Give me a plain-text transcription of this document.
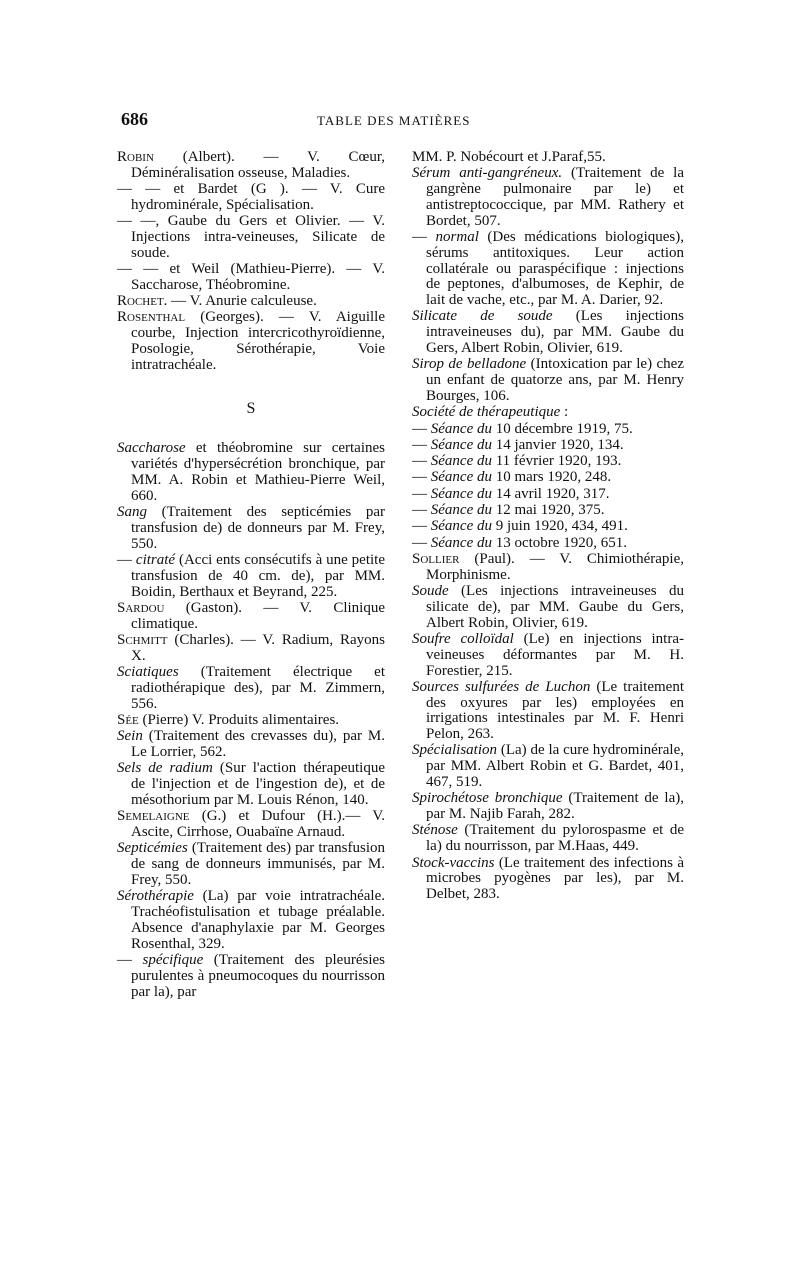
686	TABLE DES MATIÈRES

Robin (Albert). — V. Cœur, Déminéralisation osseuse, Maladies.

— — et Bardet (G ). — V. Cure hydrominérale, Spécialisation.

— —, Gaube du Gers et Olivier. — V. Injections intra-veineuses, Silicate de soude.

— — et Weil (Mathieu-Pierre). — V. Saccharose, Théobromine.

Rochet. — V. Anurie calculeuse.

Rosenthal (Georges). — V. Aiguille courbe, Injection intercricothyroïdienne, Posologie, Sérothérapie, Voie intratrachéale.

S

Saccharose et théobromine sur certaines variétés d'hypersécrétion bronchique, par MM. A. Robin et Mathieu-Pierre Weil, 660.

Sang (Traitement des septicémies par transfusion de) de donneurs par M. Frey, 550.

— citraté (Acci ents consécutifs à une petite transfusion de 40 cm. de), par MM. Boidin, Berthaux et Beyrand, 225.

Sardou (Gaston). — V. Clinique climatique.

Schmitt (Charles). — V. Radium, Rayons X.

Sciatiques (Traitement électrique et radiothérapique des), par M. Zimmern, 556.

Sée (Pierre) V. Produits alimentaires.

Sein (Traitement des crevasses du), par M. Le Lorrier, 562.

Sels de radium (Sur l'action thérapeutique de l'injection et de l'ingestion de), et de mésothorium par M. Louis Rénon, 140.

Semelaigne (G.) et Dufour (H.).— V. Ascite, Cirrhose, Ouabaïne Arnaud.

Septicémies (Traitement des) par transfusion de sang de donneurs immunisés, par M. Frey, 550.

Sérothérapie (La) par voie intratrachéale. Trachéofistulisation et tubage préalable. Absence d'anaphylaxie par M. Georges Rosenthal, 329.

— spécifique (Traitement des pleurésies purulentes à pneumocoques du nourrisson par la), par

MM. P. Nobécourt et J.Paraf,55.

Sérum anti-gangréneux. (Traitement de la gangrène pulmonaire par le) et antistreptococcique, par MM. Rathery et Bordet, 507.

— normal (Des médications biologiques), sérums antitoxiques. Leur action collatérale ou paraspécifique : injections de peptones, d'albumoses, de Kephir, de lait de vache, etc., par M. A. Darier, 92.

Silicate de soude (Les injections intraveineuses du), par MM. Gaube du Gers, Albert Robin, Olivier, 619.

Sirop de belladone (Intoxication par le) chez un enfant de quatorze ans, par M. Henry Bourges, 106.

Société de thérapeutique :

— Séance du 10 décembre 1919, 75.

— Séance du 14 janvier 1920, 134.

— Séance du 11 février 1920, 193.

— Séance du 10 mars 1920, 248.

— Séance du 14 avril 1920, 317.

— Séance du 12 mai 1920, 375.

— Séance du 9 juin 1920, 434, 491.

— Séance du 13 octobre 1920, 651.

Sollier (Paul). — V. Chimiothérapie, Morphinisme.

Soude (Les injections intraveineuses du silicate de), par MM. Gaube du Gers, Albert Robin, Olivier, 619.

Soufre colloïdal (Le) en injections intra-veineuses déformantes par M. H. Forestier, 215.

Sources sulfurées de Luchon (Le traitement des oxyures par les) employées en irrigations intestinales par M. F. Henri Pelon, 263.

Spécialisation (La) de la cure hydrominérale, par MM. Albert Robin et G. Bardet, 401, 467, 519.

Spirochétose bronchique (Traitement de la), par M. Najib Farah, 282.

Sténose (Traitement du pylorospasme et de la) du nourrisson, par M.Haas, 449.

Stock-vaccins (Le traitement des infections à microbes pyogènes par les), par M. Delbet, 283.
